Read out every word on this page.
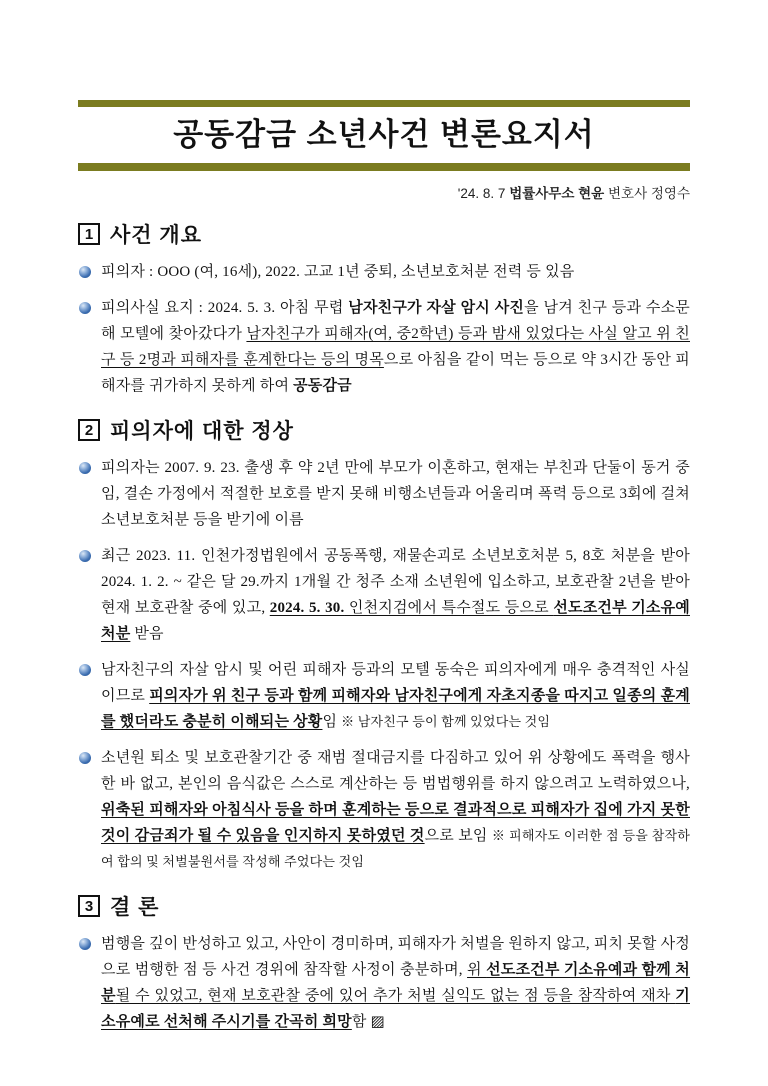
공동감금 소년사건 변론요지서
'24. 8. 7 법률사무소 현윤 변호사 정영수
1 사건 개요

피의자 : OOO (여, 16세), 2022. 고교 1년 중퇴, 소년보호처분 전력 등 있음

피의사실 요지 : 2024. 5. 3. 아침 무렵 남자친구가 자살 암시 사진을 남겨 친구 등과 수소문해 모텔에 찾아갔다가 남자친구가 피해자(여, 중2학년) 등과 밤새 있었다는 사실 알고 위 친구 등 2명과 피해자를 훈계한다는 등의 명목으로 아침을 같이 먹는 등으로 약 3시간 동안 피해자를 귀가하지 못하게 하여 공동감금

2 피의자에 대한 정상

피의자는 2007. 9. 23. 출생 후 약 2년 만에 부모가 이혼하고, 현재는 부친과 단둘이 동거 중임, 결손 가정에서 적절한 보호를 받지 못해 비행소년들과 어울리며 폭력 등으로 3회에 걸쳐 소년보호처분 등을 받기에 이름

최근 2023. 11. 인천가정법원에서 공동폭행, 재물손괴로 소년보호처분 5, 8호 처분을 받아 2024. 1. 2. ~ 같은 달 29.까지 1개월 간 청주 소재 소년원에 입소하고, 보호관찰 2년을 받아 현재 보호관찰 중에 있고, 2024. 5. 30. 인천지검에서 특수절도 등으로 선도조건부 기소유예처분 받음

남자친구의 자살 암시 및 어린 피해자 등과의 모텔 동숙은 피의자에게 매우 충격적인 사실이므로 피의자가 위 친구 등과 함께 피해자와 남자친구에게 자초지종을 따지고 일종의 훈계를 했더라도 충분히 이해되는 상황임 ※ 남자친구 등이 함께 있었다는 것임

소년원 퇴소 및 보호관찰기간 중 재범 절대금지를 다짐하고 있어 위 상황에도 폭력을 행사한 바 없고, 본인의 음식값은 스스로 계산하는 등 범법행위를 하지 않으려고 노력하였으나, 위축된 피해자와 아침식사 등을 하며 훈계하는 등으로 결과적으로 피해자가 집에 가지 못한 것이 감금죄가 될 수 있음을 인지하지 못하였던 것으로 보임 ※ 피해자도 이러한 점 등을 참작하여 합의 및 처벌불원서를 작성해 주었다는 것임

3 결 론

범행을 깊이 반성하고 있고, 사안이 경미하며, 피해자가 처벌을 원하지 않고, 피치 못할 사정으로 범행한 점 등 사건 경위에 참작할 사정이 충분하며, 위 선도조건부 기소유예과 함께 처분될 수 있었고, 현재 보호관찰 중에 있어 추가 처벌 실익도 없는 점 등을 참작하여 재차 기소유예로 선처해 주시기를 간곡히 희망함 ▨
